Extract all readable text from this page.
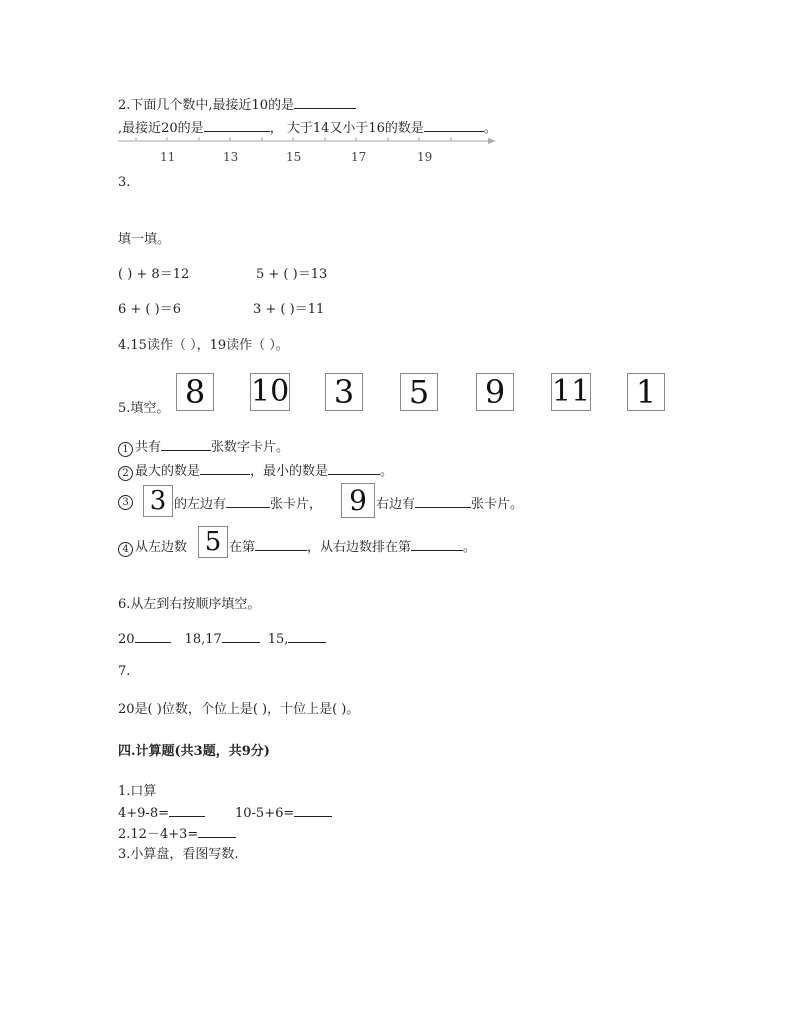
2.下面几个数中,最接近10的是
,最接近20的是	， 大于14又小于16的数是	。
11	13	15	17	19
3.
填一填。
( ) + 8＝12	5 + ( )＝13
6 + ( )＝6	3 + ( )＝11
4.15读作（ ），19读作（ ）。
5.填空。 8 10 3 5 9 11 1
1 共有	张数字卡片。
2 最大的数是	，最小的数是	。
3 3 的左边有	张卡片， 9 右边有	张卡片。
4 从左边数 5 在第	，从右边数排在第	。
6.从左到右按顺序填空。
20	18,17	15,
7.
20是( )位数，个位上是( )，十位上是( )。
四.计算题(共3题，共9分)
1.口算
4+9-8=	10-5+6=
2.12－4+3=
3.小算盘，看图写数.
